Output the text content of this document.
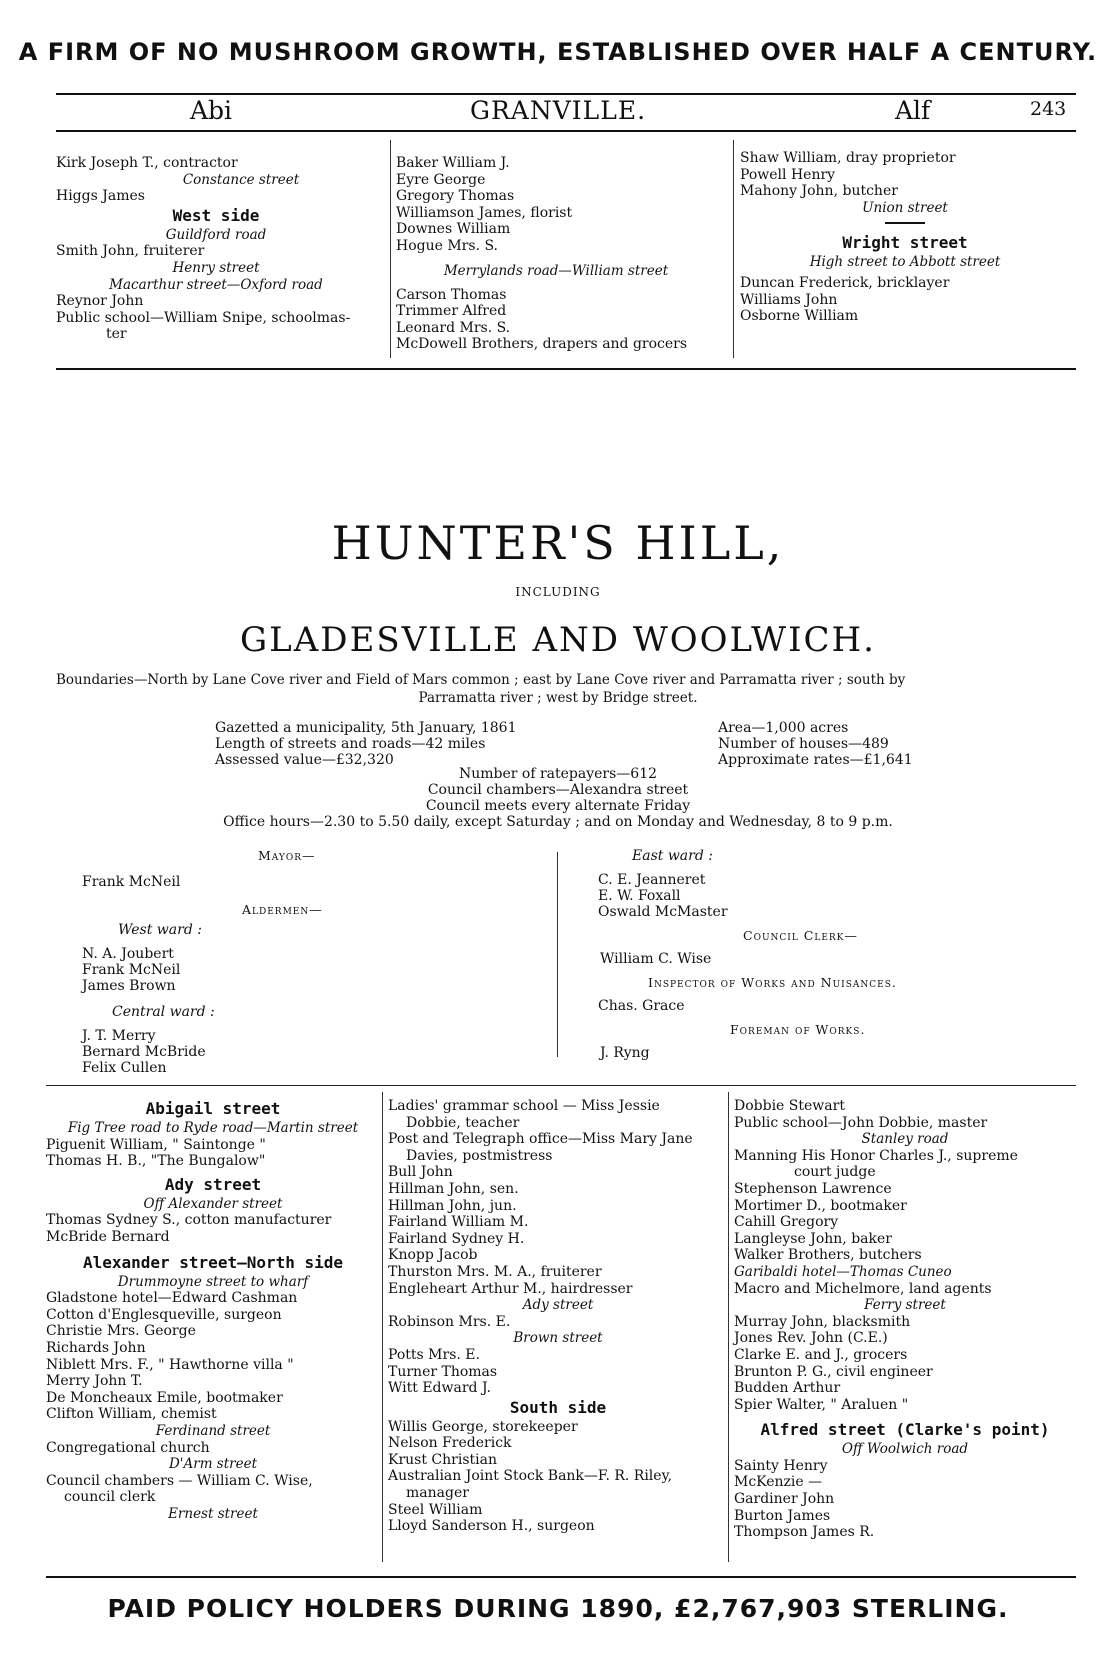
A FIRM OF NO MUSHROOM GROWTH, ESTABLISHED OVER HALF A CENTURY.
Abi	GRANVILLE.	Alf	243
Kirk Joseph T., contractor
Constance street
Higgs James
West side
Guildford road
Smith John, fruiterer
Henry street
Macarthur street—Oxford road
Reynor John
Public school—William Snipe, schoolmas-
ter
Baker William J.
Eyre George
Gregory Thomas
Williamson James, florist
Downes William
Hogue Mrs. S.
Merrylands road—William street
Carson Thomas
Trimmer Alfred
Leonard Mrs. S.
McDowell Brothers, drapers and grocers
Shaw William, dray proprietor
Powell Henry
Mahony John, butcher
Union street
Wright street
High street to Abbott street
Duncan Frederick, bricklayer
Williams John
Osborne William
HUNTER'S HILL,
INCLUDING
GLADESVILLE AND WOOLWICH.
Boundaries—North by Lane Cove river and Field of Mars common ; east by Lane Cove river and Parramatta river ; south by
Parramatta river ; west by Bridge street.
Gazetted a municipality, 5th January, 1861
Length of streets and roads—42 miles
Assessed value—£32,320
Area—1,000 acres
Number of houses—489
Approximate rates—£1,641
Number of ratepayers—612
Council chambers—Alexandra street
Council meets every alternate Friday
Office hours—2.30 to 5.50 daily, except Saturday ; and on Monday and Wednesday, 8 to 9 p.m.
Mayor—
Frank McNeil
Aldermen—
West ward :
N. A. Joubert
Frank McNeil
James Brown
Central ward :
J. T. Merry
Bernard McBride
Felix Cullen
East ward :
C. E. Jeanneret
E. W. Foxall
Oswald McMaster
Council Clerk—
William C. Wise
Inspector of Works and Nuisances.
Chas. Grace
Foreman of Works.
J. Ryng
Abigail street
Fig Tree road to Ryde road—Martin street
Piguenit William, " Saintonge "
Thomas H. B., "The Bungalow"
Ady street
Off Alexander street
Thomas Sydney S., cotton manufacturer
McBride Bernard
Alexander street—North side
Drummoyne street to wharf
Gladstone hotel—Edward Cashman
Cotton d'Englesqueville, surgeon
Christie Mrs. George
Richards John
Niblett Mrs. F., " Hawthorne villa "
Merry John T.
De Moncheaux Emile, bootmaker
Clifton William, chemist
Ferdinand street
Congregational church
D'Arm street
Council chambers — William C. Wise,
council clerk
Ernest street
Ladies' grammar school — Miss Jessie
Dobbie, teacher
Post and Telegraph office—Miss Mary Jane
Davies, postmistress
Bull John
Hillman John, sen.
Hillman John, jun.
Fairland William M.
Fairland Sydney H.
Knopp Jacob
Thurston Mrs. M. A., fruiterer
Engleheart Arthur M., hairdresser
Ady street
Robinson Mrs. E.
Brown street
Potts Mrs. E.
Turner Thomas
Witt Edward J.
South side
Willis George, storekeeper
Nelson Frederick
Krust Christian
Australian Joint Stock Bank—F. R. Riley,
manager
Steel William
Lloyd Sanderson H., surgeon
Dobbie Stewart
Public school—John Dobbie, master
Stanley road
Manning His Honor Charles J., supreme
court judge
Stephenson Lawrence
Mortimer D., bootmaker
Cahill Gregory
Langleyse John, baker
Walker Brothers, butchers
Garibaldi hotel—Thomas Cuneo
Macro and Michelmore, land agents
Ferry street
Murray John, blacksmith
Jones Rev. John (C.E.)
Clarke E. and J., grocers
Brunton P. G., civil engineer
Budden Arthur
Spier Walter, " Araluen "
Alfred street (Clarke's point)
Off Woolwich road
Sainty Henry
McKenzie —
Gardiner John
Burton James
Thompson James R.
PAID POLICY HOLDERS DURING 1890, £2,767,903 STERLING.
